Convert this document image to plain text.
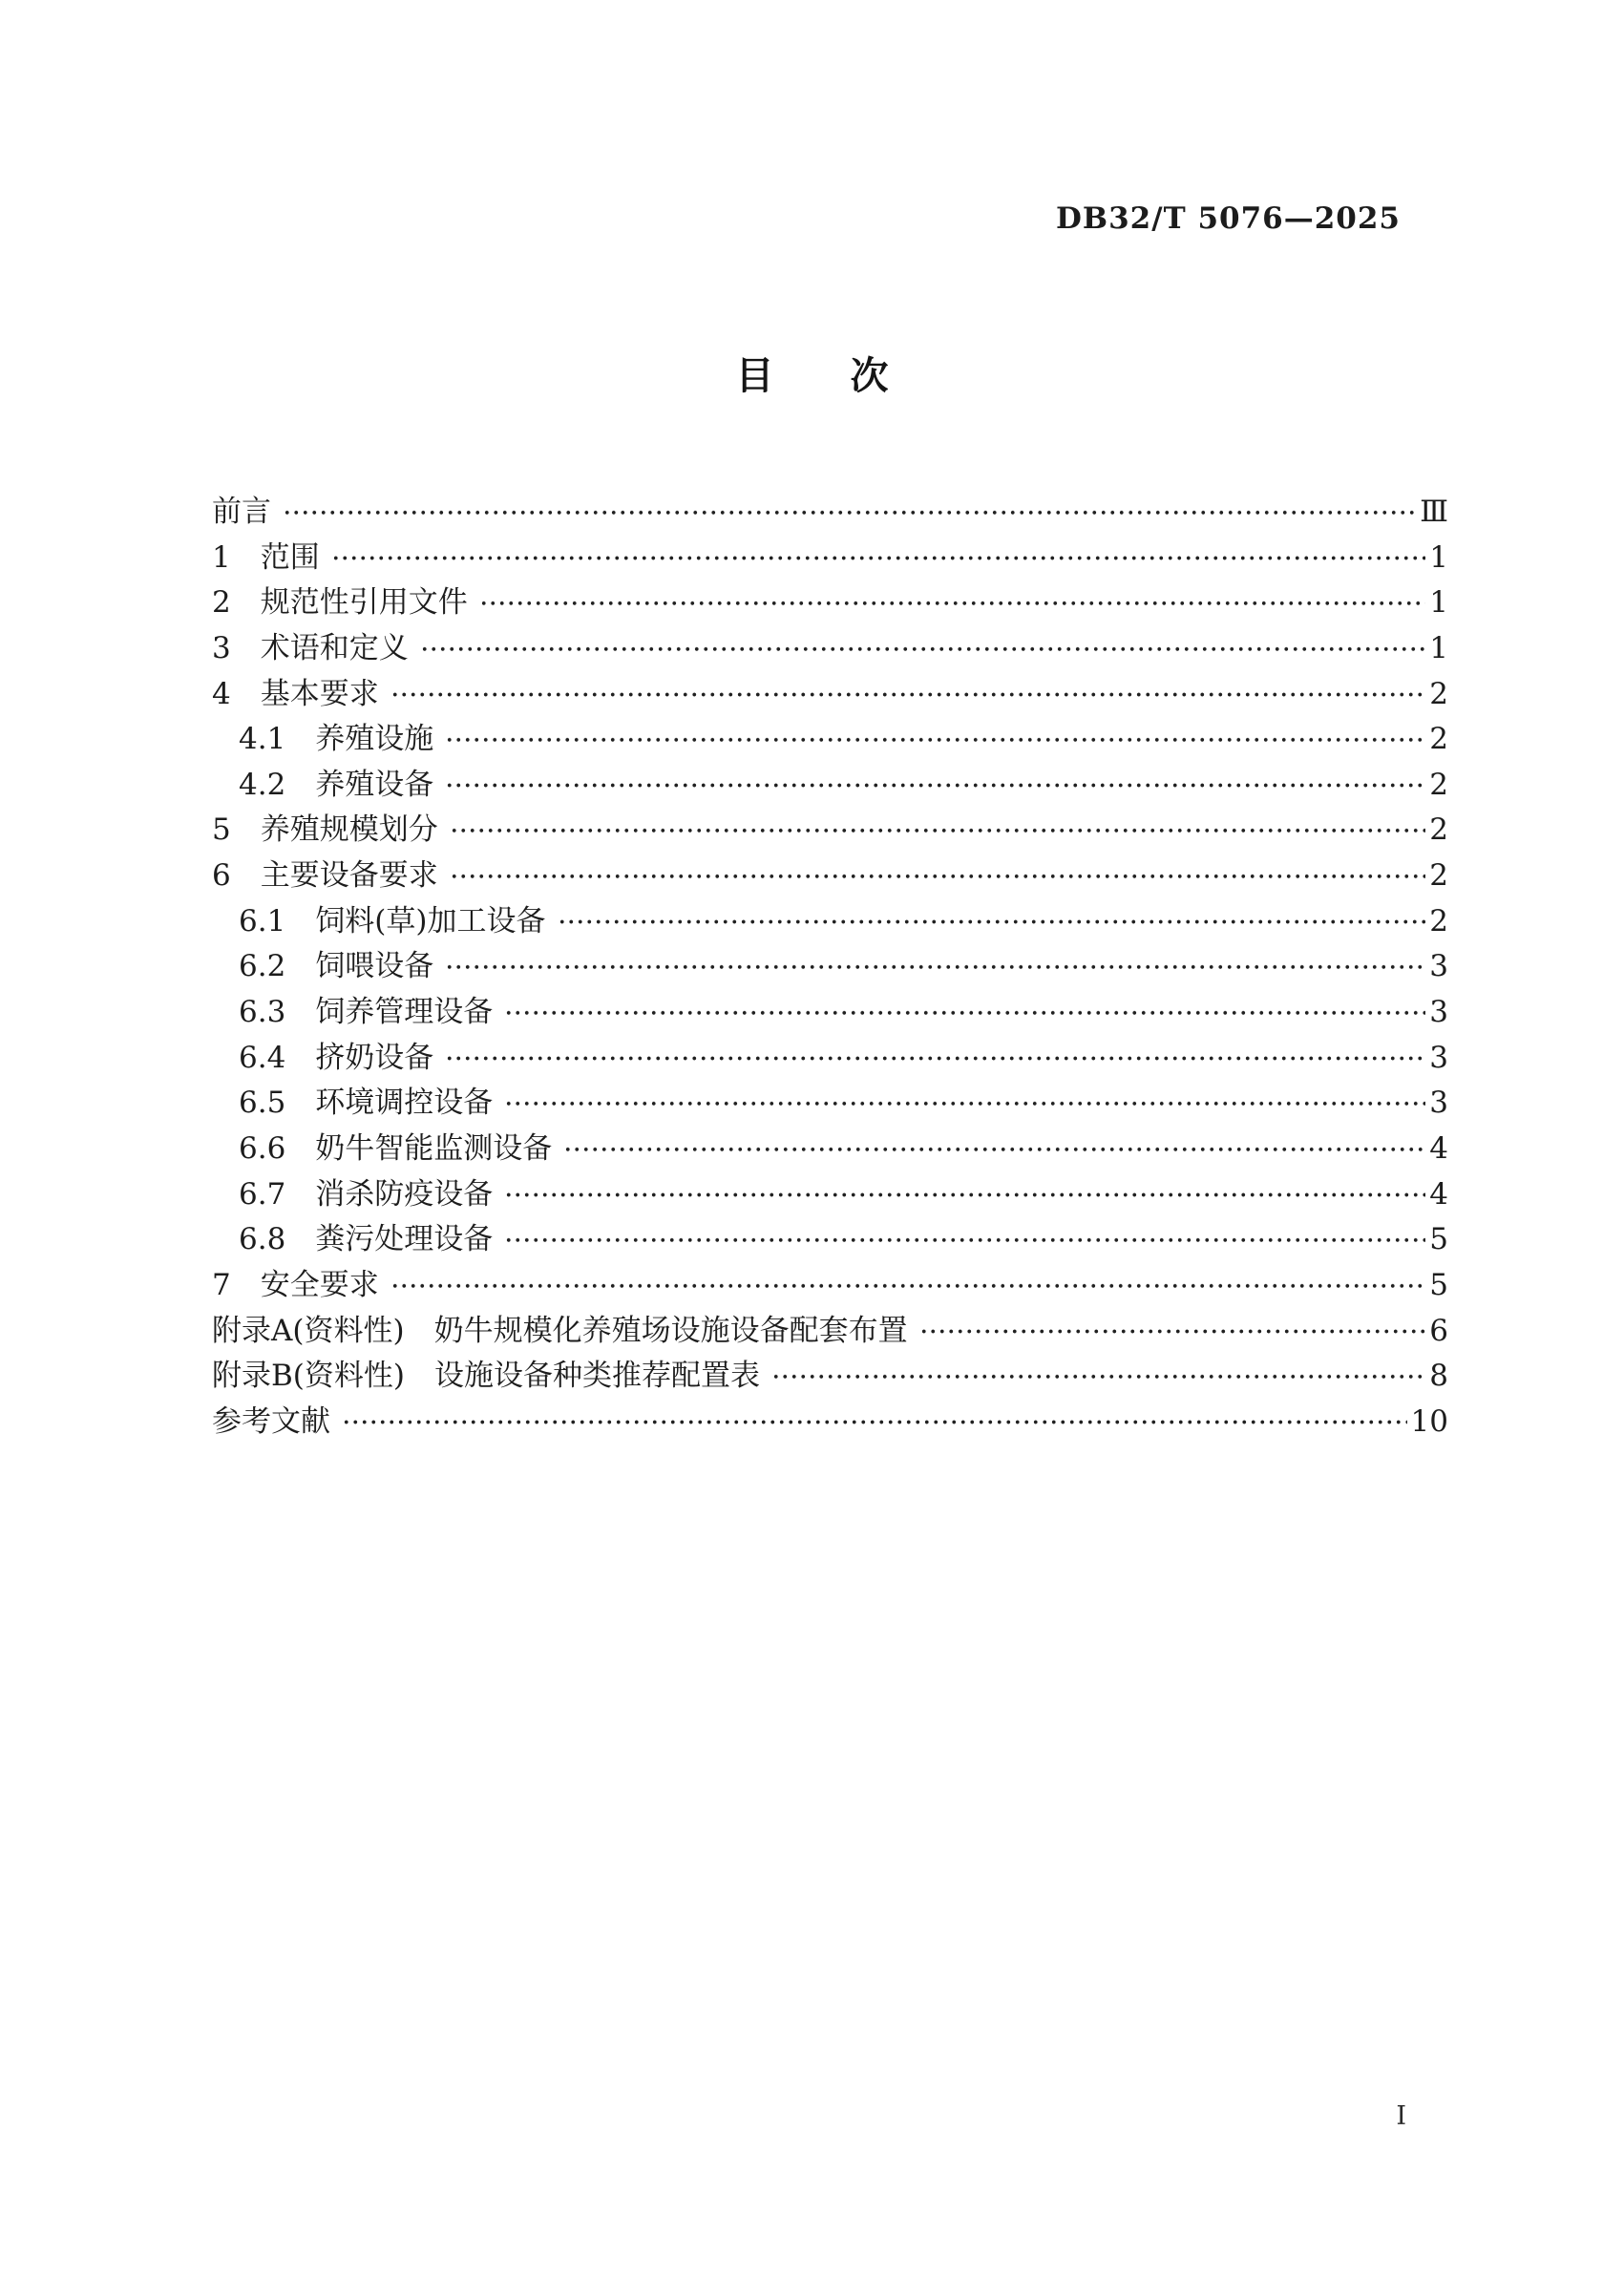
DB32/T 5076—2025
目　　次
前言	Ⅲ
1　范围	1
2　规范性引用文件	1
3　术语和定义	1
4　基本要求	2
4.1　养殖设施	2
4.2　养殖设备	2
5　养殖规模划分	2
6　主要设备要求	2
6.1　饲料(草)加工设备	2
6.2　饲喂设备	3
6.3　饲养管理设备	3
6.4　挤奶设备	3
6.5　环境调控设备	3
6.6　奶牛智能监测设备	4
6.7　消杀防疫设备	4
6.8　粪污处理设备	5
7　安全要求	5
附录A(资料性)　奶牛规模化养殖场设施设备配套布置	6
附录B(资料性)　设施设备种类推荐配置表	8
参考文献	10
Ⅰ
